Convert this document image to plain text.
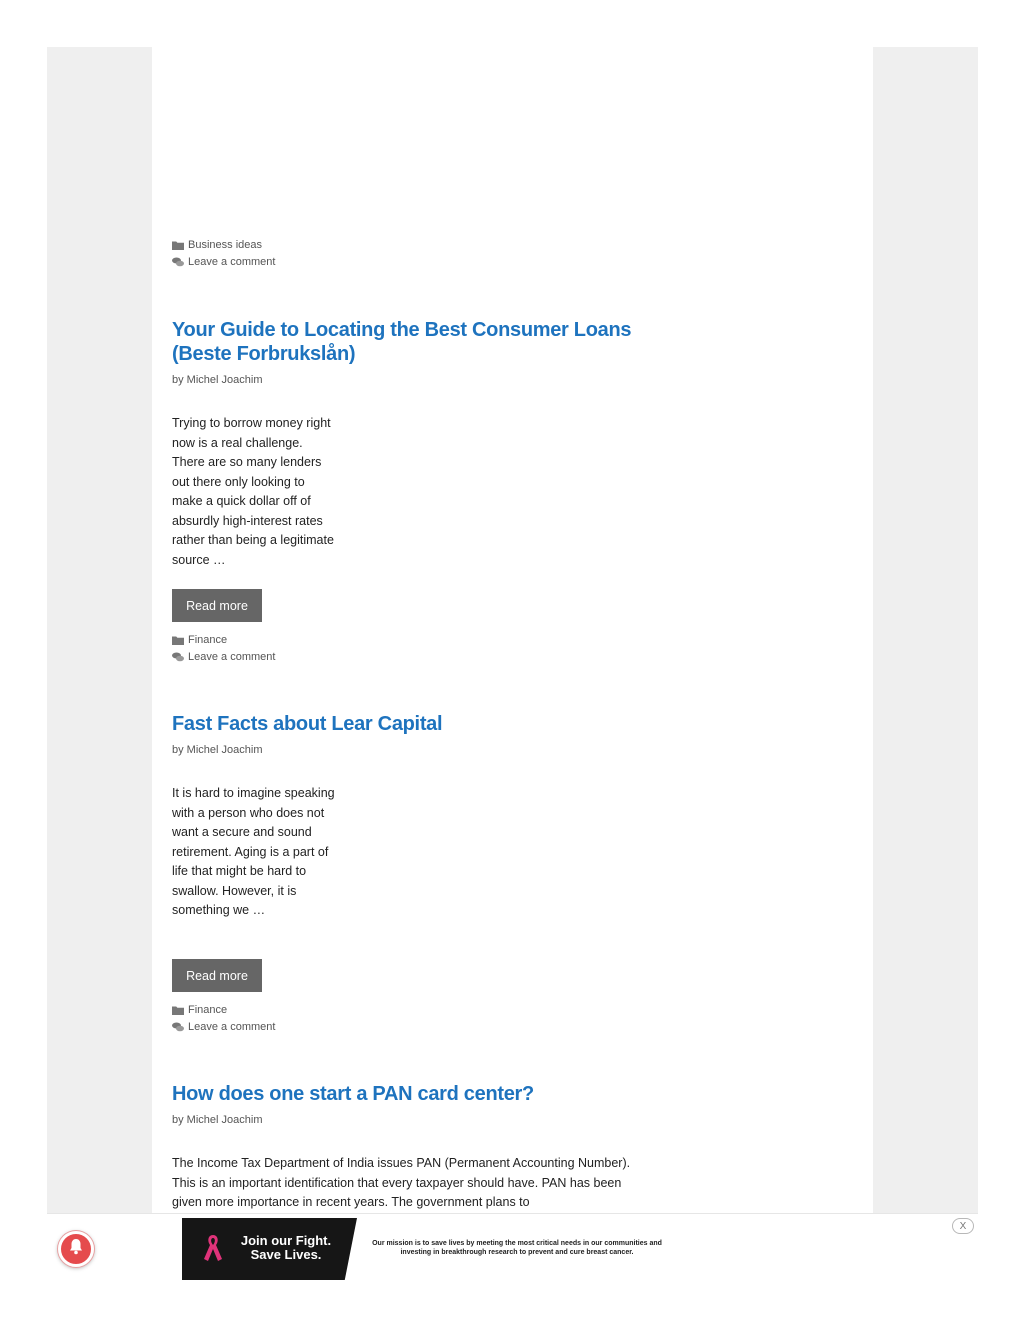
Business ideas
Leave a comment
Your Guide to Locating the Best Consumer Loans (Beste Forbrukslån)
by Michel Joachim

Trying to borrow money right now is a real challenge. There are so many lenders out there only looking to make a quick dollar off of absurdly high-interest rates rather than being a legitimate source …

Read more
Finance
Leave a comment
Fast Facts about Lear Capital
by Michel Joachim

It is hard to imagine speaking with a person who does not want a secure and sound retirement. Aging is a part of life that might be hard to swallow. However, it is something we …

Read more
Finance
Leave a comment
How does one start a PAN card center?
by Michel Joachim

The Income Tax Department of India issues PAN (Permanent Accounting Number). This is an important identification that every taxpayer should have. PAN has been given more importance in recent years. The government plans to

Join our Fight. Save Lives.
Our mission is to save lives by meeting the most critical needs in our communities and investing in breakthrough research to prevent and cure breast cancer.
X
